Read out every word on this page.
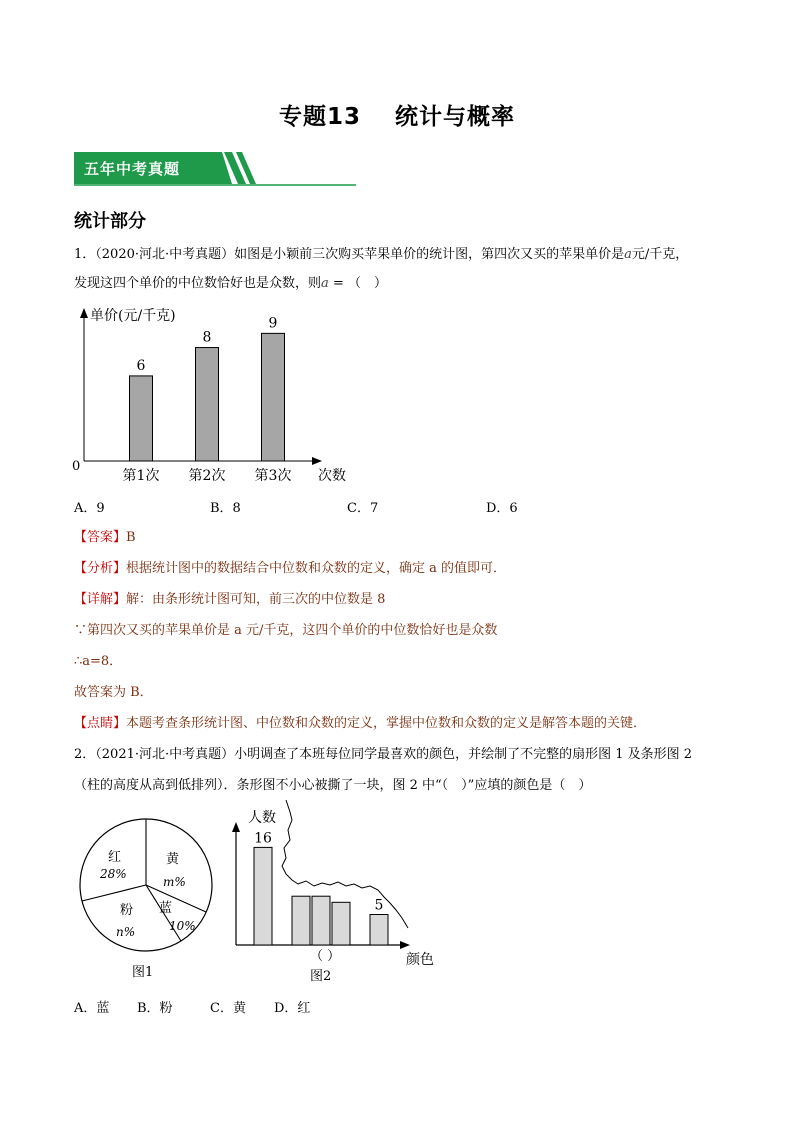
专题13 统计与概率
五年中考真题
统计部分
1．（2020·河北·中考真题）如图是小颖前三次购买苹果单价的统计图，第四次又买的苹果单价是a元/千克，
发现这四个单价的中位数恰好也是众数，则a = （　）
单价(元/千克)
0
次数
6
第1次
8
第2次
9
第3次
A．9	B．8	C．7	D．6
【答案】B
【分析】根据统计图中的数据结合中位数和众数的定义，确定 a 的值即可．
【详解】解：由条形统计图可知，前三次的中位数是 8
∵第四次又买的苹果单价是 a 元/千克，这四个单价的中位数恰好也是众数
∴a=8．
故答案为 B．
【点睛】本题考查条形统计图、中位数和众数的定义，掌握中位数和众数的定义是解答本题的关键．
2．（2021·河北·中考真题）小明调查了本班每位同学最喜欢的颜色，并绘制了不完整的扇形图 1 及条形图 2
（柱的高度从高到低排列）．条形图不小心被撕了一块，图 2 中“（　）”应填的颜色是（　）
红
28%
黄
m%
蓝
10%
粉
n%
图1
人数
颜色
（ ）
图2
16
5
A．蓝 B．粉	C．黄 D．红
